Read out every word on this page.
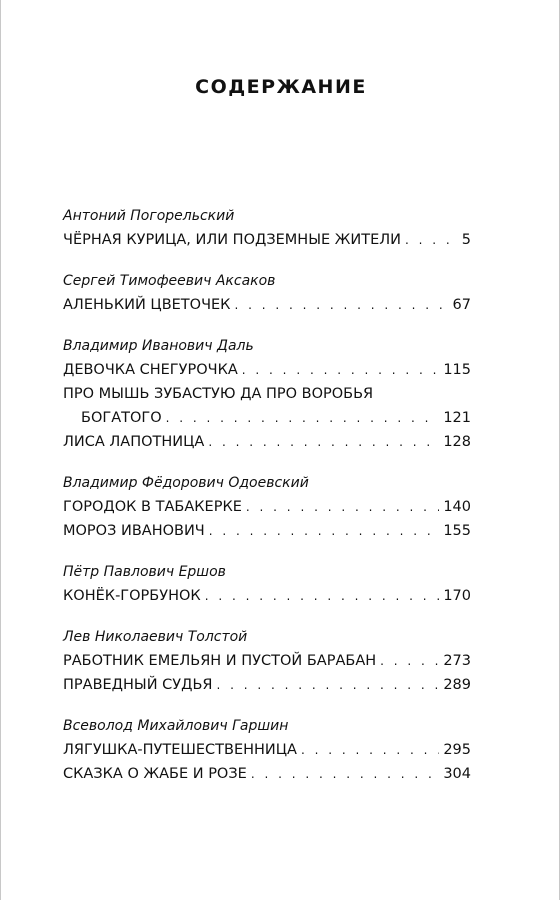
СОДЕРЖАНИЕ
Антоний Погорельский
ЧЁРНАЯ КУРИЦА, ИЛИ ПОДЗЕМНЫЕ ЖИТЕЛИ . . .	5
Сергей Тимофеевич Аксаков
АЛЕНЬКИЙ ЦВЕТОЧЕК . . .	67
Владимир Иванович Даль
ДЕВОЧКА СНЕГУРОЧКА . . .	115
ПРО МЫШЬ ЗУБАСТУЮ ДА ПРО ВОРОБЬЯ
БОГАТОГО . . .	121
ЛИСА ЛАПОТНИЦА . . .	128
Владимир Фёдорович Одоевский
ГОРОДОК В ТАБАКЕРКЕ . . .	140
МОРОЗ ИВАНОВИЧ . . .	155
Пётр Павлович Ершов
КОНЁК-ГОРБУНОК . . .	170
Лев Николаевич Толстой
РАБОТНИК ЕМЕЛЬЯН И ПУСТОЙ БАРАБАН . . .	273
ПРАВЕДНЫЙ СУДЬЯ . . .	289
Всеволод Михайлович Гаршин
ЛЯГУШКА-ПУТЕШЕСТВЕННИЦА . . .	295
СКАЗКА О ЖАБЕ И РОЗЕ . . .	304
